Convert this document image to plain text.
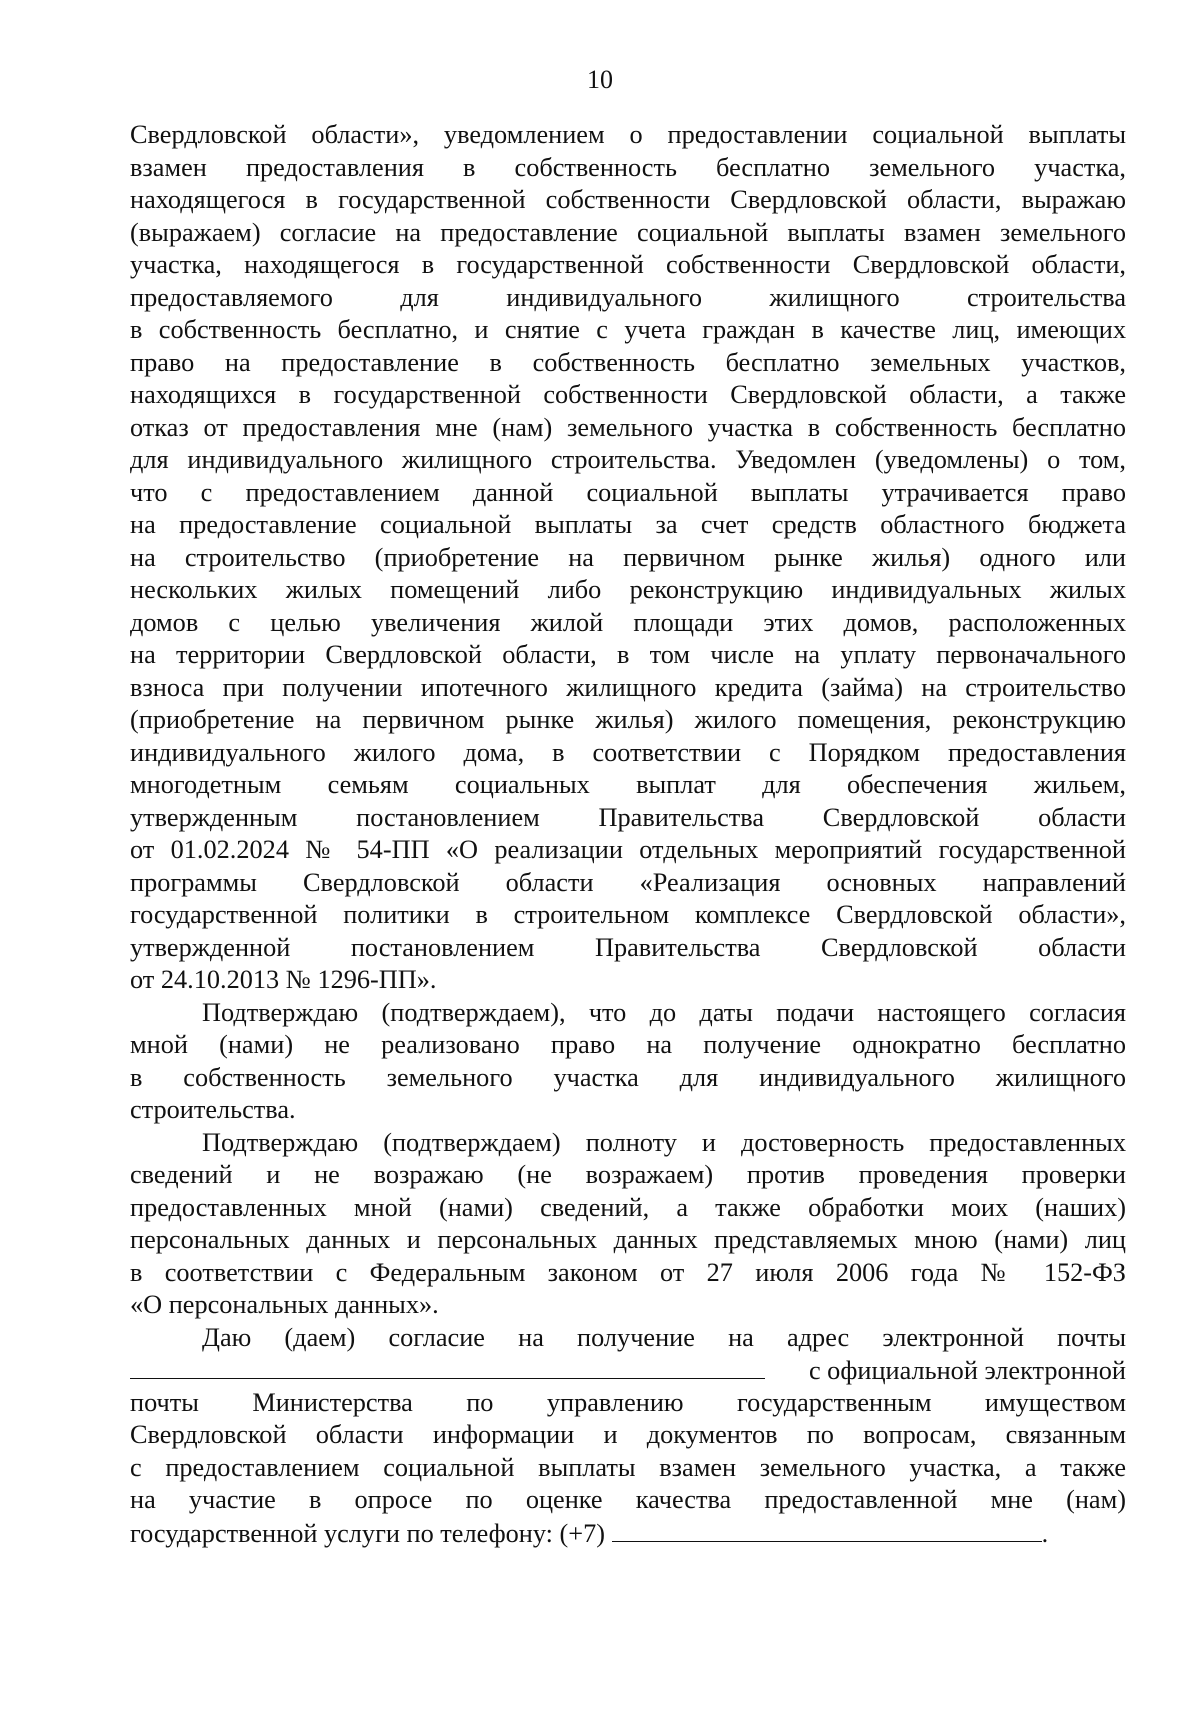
10
Свердловской области», уведомлением о предоставлении социальной выплаты
взамен предоставления в собственность бесплатно земельного участка,
находящегося в государственной собственности Свердловской области, выражаю
(выражаем) согласие на предоставление социальной выплаты взамен земельного
участка, находящегося в государственной собственности Свердловской области,
предоставляемого для индивидуального жилищного строительства
в собственность бесплатно, и снятие с учета граждан в качестве лиц, имеющих
право на предоставление в собственность бесплатно земельных участков,
находящихся в государственной собственности Свердловской области, а также
отказ от предоставления мне (нам) земельного участка в собственность бесплатно
для индивидуального жилищного строительства. Уведомлен (уведомлены) о том,
что с предоставлением данной социальной выплаты утрачивается право
на предоставление социальной выплаты за счет средств областного бюджета
на строительство (приобретение на первичном рынке жилья) одного или
нескольких жилых помещений либо реконструкцию индивидуальных жилых
домов с целью увеличения жилой площади этих домов, расположенных
на территории Свердловской области, в том числе на уплату первоначального
взноса при получении ипотечного жилищного кредита (займа) на строительство
(приобретение на первичном рынке жилья) жилого помещения, реконструкцию
индивидуального жилого дома, в соответствии с Порядком предоставления
многодетным семьям социальных выплат для обеспечения жильем,
утвержденным постановлением Правительства Свердловской области
от 01.02.2024 № 54-ПП «О реализации отдельных мероприятий государственной
программы Свердловской области «Реализация основных направлений
государственной политики в строительном комплексе Свердловской области»,
утвержденной постановлением Правительства Свердловской области
от 24.10.2013 № 1296-ПП».
Подтверждаю (подтверждаем), что до даты подачи настоящего согласия
мной (нами) не реализовано право на получение однократно бесплатно
в собственность земельного участка для индивидуального жилищного
строительства.
Подтверждаю (подтверждаем) полноту и достоверность предоставленных
сведений и не возражаю (не возражаем) против проведения проверки
предоставленных мной (нами) сведений, а также обработки моих (наших)
персональных данных и персональных данных представляемых мною (нами) лиц
в соответствии с Федеральным законом от 27 июля 2006 года № 152-ФЗ
«О персональных данных».
Даю (даем) согласие на получение на адрес электронной почты
с официальной электронной
почты Министерства по управлению государственным имуществом
Свердловской области информации и документов по вопросам, связанным
с предоставлением социальной выплаты взамен земельного участка, а также
на участие в опросе по оценке качества предоставленной мне (нам)
государственной услуги по телефону: (+7)	.
